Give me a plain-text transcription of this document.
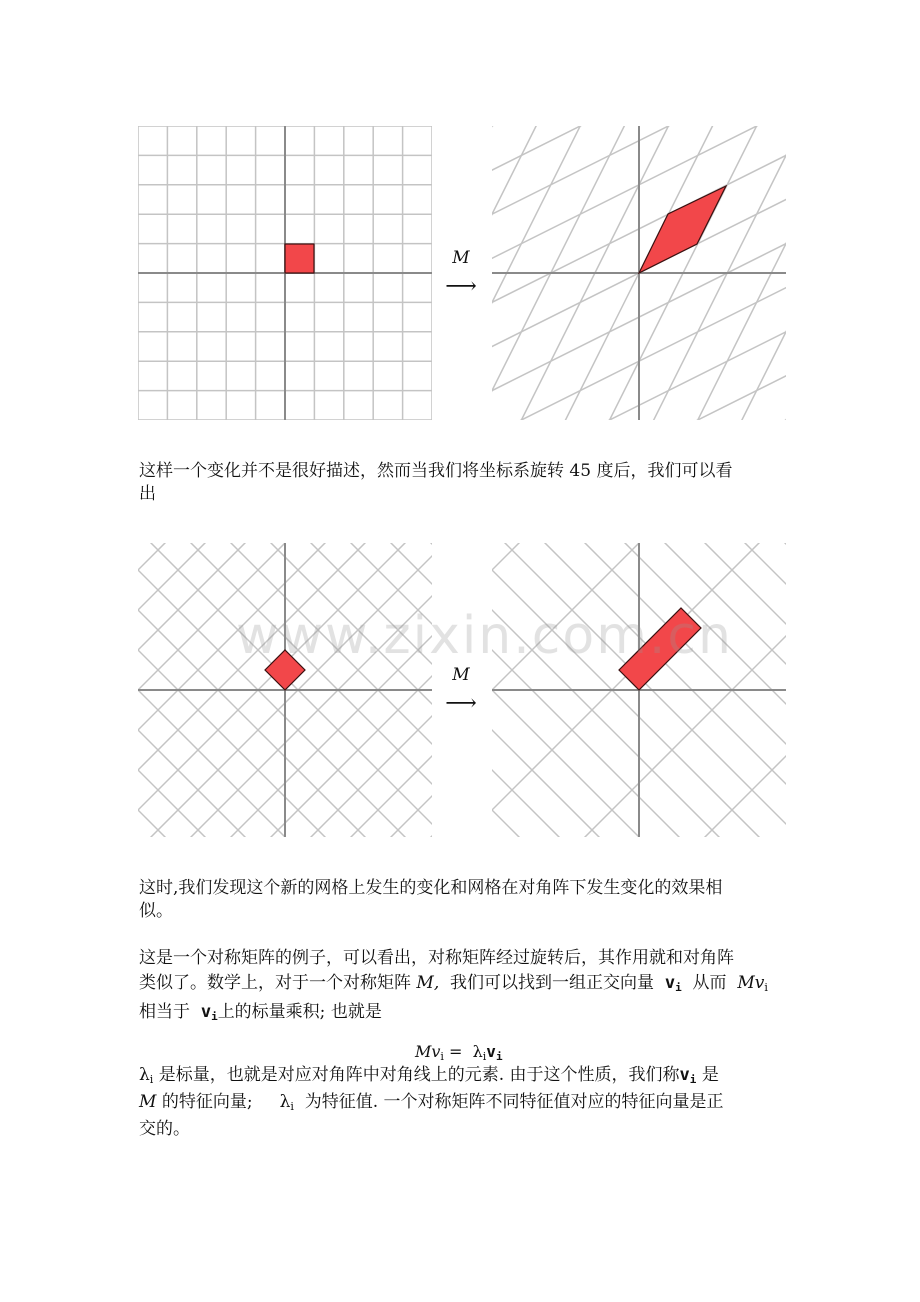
M
⟶
这样一个变化并不是很好描述，然而当我们将坐标系旋转 45 度后，我们可以看
出
M
⟶
www.zixin.com.cn
这时,我们发现这个新的网格上发生的变化和网格在对角阵下发生变化的效果相
似。
这是一个对称矩阵的例子，可以看出，对称矩阵经过旋转后，其作用就和对角阵
类似了。数学上，对于一个对称矩阵 M, 我们可以找到一组正交向量 $v_i$ 从而 $Mv_i$
相当于 $v_i$上的标量乘积; 也就是
$Mv_i = \lambda_iv_i$
$\lambda_i$ 是标量，也就是对应对角阵中对角线上的元素. 由于这个性质，我们称$v_i$ 是
M 的特征向量; $\lambda_i$ 为特征值. 一个对称矩阵不同特征值对应的特征向量是正
交的。
